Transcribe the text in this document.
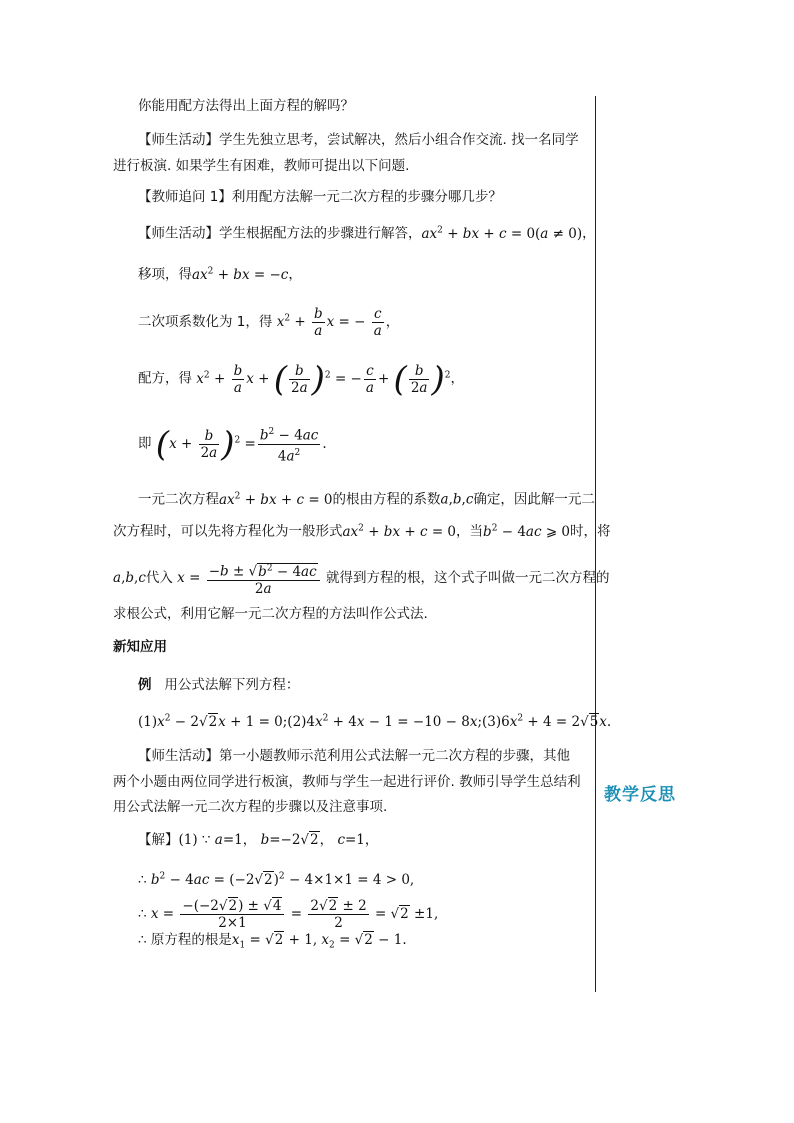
教学反思
你能用配方法得出上面方程的解吗？
【师生活动】学生先独立思考，尝试解决，然后小组合作交流. 找一名同学
进行板演. 如果学生有困难，教师可提出以下问题.
【教师追问 1】利用配方法解一元二次方程的步骤分哪几步？
【师生活动】学生根据配方法的步骤进行解答，$ax^2$ + bx + c = 0(a ≠ 0)，
移项，得$ax^2$ + bx = −c，
二次项系数化为 1，得 $x^2 + \frac{b}{a}$ x = − $\frac{c}{a}$ ，
配方，得 $x^2 + \frac{b}{a}$ x + ( $\frac{b}{2a} )^2$ = − $\frac{c}{a}$ + ( $\frac{b}{2a} )^2$，
即 $(x + \frac{b}{2a} )^2 = \frac{b^2 - 4ac}{4a^2}$ .
一元二次方程$ax^2$ + bx + c = 0的根由方程的系数a,b,c确定，因此解一元二
次方程时，可以先将方程化为一般形式$ax^2$ + bx + c = 0，当$b^2 - 4ac$ ⩾ 0时，将
a,b,c代入 $x = \frac{-b \pm √b^2 - 4ac}{2a}$ 就得到方程的根，这个式子叫做一元二次方程的
求根公式，利用它解一元二次方程的方法叫作公式法.
新知应用
例 用公式法解下列方程：
$(1)x^2 - 2√2x + 1$ = $0;(2)4x^2 + 4x - 1 = -10$ − $8x;(3)6x^2 + 4 = 2√5x$.
【师生活动】第一小题教师示范利用公式法解一元二次方程的步骤，其他
两个小题由两位同学进行板演，教师与学生一起进行评价. 教师引导学生总结利
用公式法解一元二次方程的步骤以及注意事项.
【解】(1) ∵ a=1， b=−2√2， c=1，
∴ $b^2 - 4ac = (-2√2)^2 - 4\times 1\times 1 = 4 > 0$,
∴ $x = \frac{-(-2√2) \pm √4}{2\times 1} = \frac{2√2 \pm 2}{2} = √2 \pm 1$,
∴ 原方程的根是$x_1 = √2 + 1$, $x_2 = √2 - 1$.
